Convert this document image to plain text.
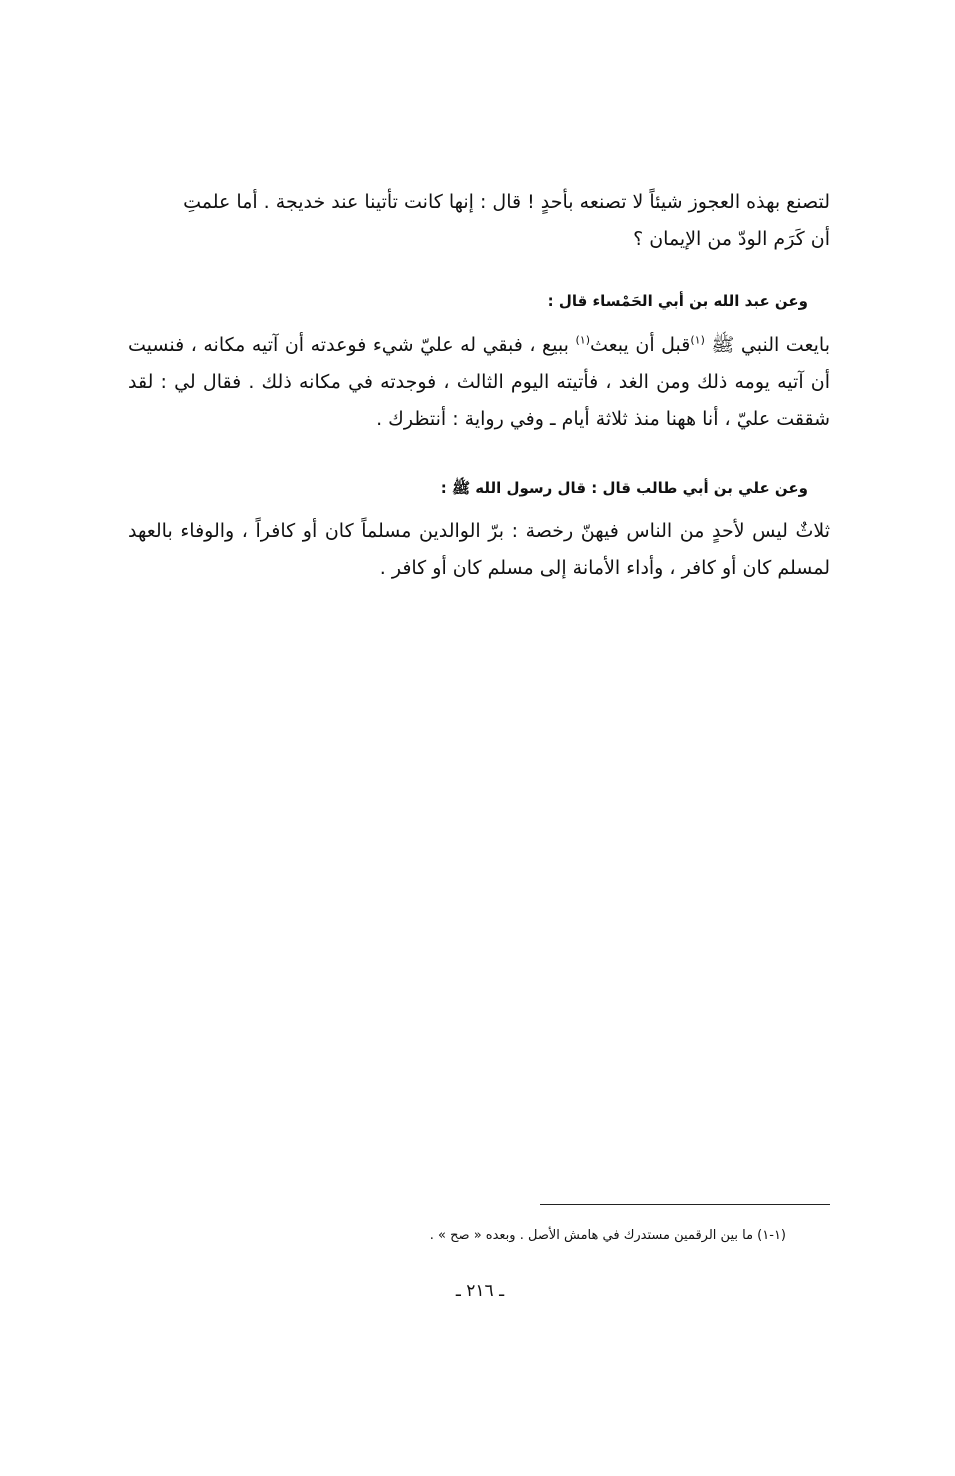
لتصنع بهذه العجوز شيئاً لا تصنعه بأحدٍ ! قال : إنها كانت تأتينا عند خديجة . أما علمتِ

أن كَرَم الودّ من الإيمان ؟

وعن عبد الله بن أبي الحَمْساء قال :

بايعت النبي ﷺ $^{(١)}$قبل أن يبعث$^{(١)}$ ببيع ، فبقي له عليّ شيء فوعدته أن آتيه مكانه ، فنسيت أن آتيه يومه ذلك ومن الغد ، فأتيته اليوم الثالث ، فوجدته في مكانه ذلك . فقال لي : لقد شققت عليّ ، أنا ههنا منذ ثلاثة أيام ـ وفي رواية : أنتظرك .

وعن علي بن أبي طالب قال : قال رسول الله ﷺ :

ثلاثٌ ليس لأحدٍ من الناس فيهنّ رخصة : برّ الوالدين مسلماً كان أو كافراً ، والوفاء بالعهد لمسلم كان أو كافر ، وأداء الأمانة إلى مسلم كان أو كافر .

(١-١) ما بين الرقمين مستدرك في هامش الأصل . وبعده « صح » .
ـ ٢١٦ ـ
